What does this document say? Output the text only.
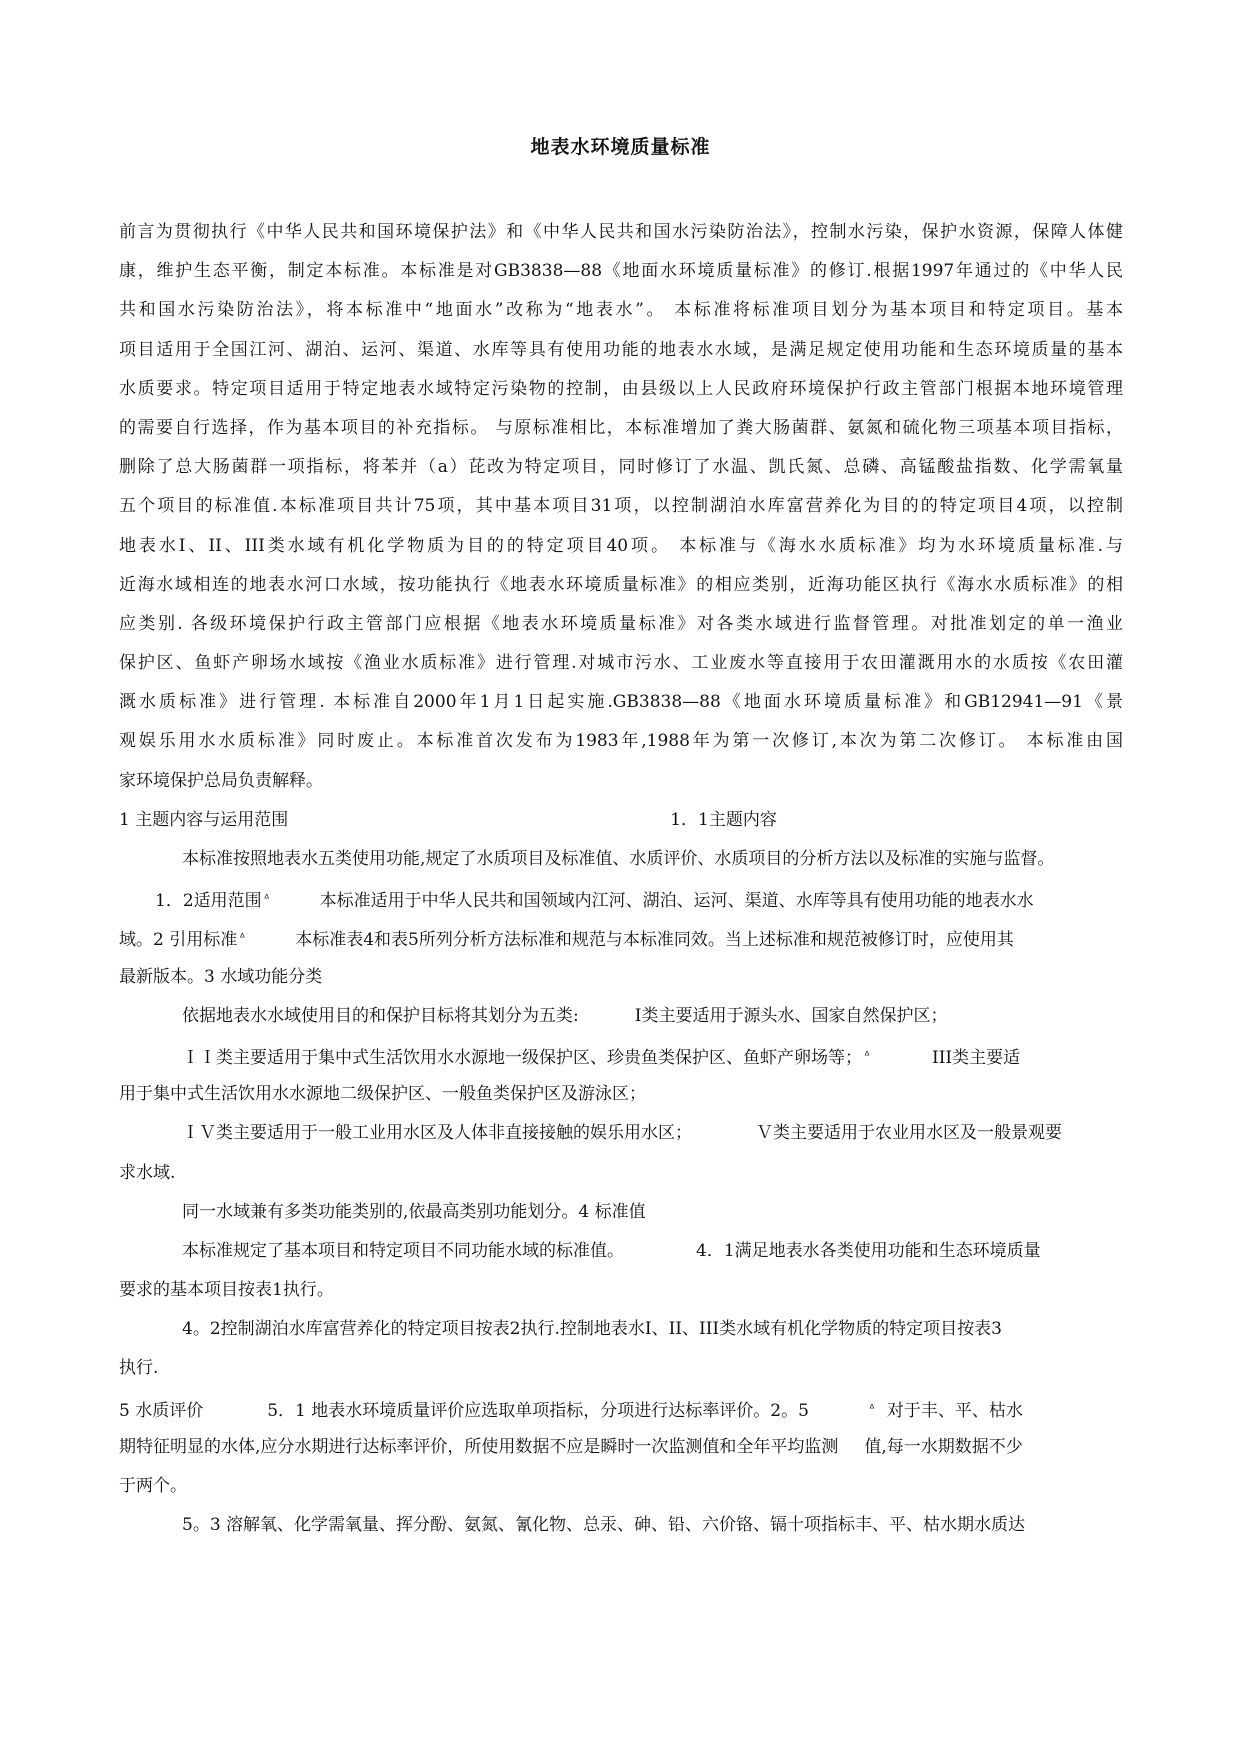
地表水环境质量标准
前言为贯彻执行《中华人民共和国环境保护法》和《中华人民共和国水污染防治法》，控制水污染，保护水资源，保障人体健
康，维护生态平衡，制定本标准。本标准是对GB3838—88《地面水环境质量标准》的修订.根据1997年通过的《中华人民
共和国水污染防治法》，将本标准中“地面水”改称为“地表水”。 本标准将标准项目划分为基本项目和特定项目。基本
项目适用于全国江河、湖泊、运河、渠道、水库等具有使用功能的地表水水域，是满足规定使用功能和生态环境质量的基本
水质要求。特定项目适用于特定地表水域特定污染物的控制，由县级以上人民政府环境保护行政主管部门根据本地环境管理
的需要自行选择，作为基本项目的补充指标。 与原标准相比，本标准增加了粪大肠菌群、氨氮和硫化物三项基本项目指标，
删除了总大肠菌群一项指标，将苯并（a）芘改为特定项目，同时修订了水温、凯氏氮、总磷、高锰酸盐指数、化学需氧量
五个项目的标准值.本标准项目共计75项，其中基本项目31项，以控制湖泊水库富营养化为目的的特定项目4项，以控制
地表水Ⅰ、II、III类水域有机化学物质为目的的特定项目40项。 本标准与《海水水质标准》均为水环境质量标准.与
近海水域相连的地表水河口水域，按功能执行《地表水环境质量标准》的相应类别，近海功能区执行《海水水质标准》的相
应类别. 各级环境保护行政主管部门应根据《地表水环境质量标准》对各类水域进行监督管理。对批准划定的单一渔业
保护区、鱼虾产卵场水域按《渔业水质标准》进行管理.对城市污水、工业废水等直接用于农田灌溉用水的水质按《农田灌
溉水质标准》进行管理. 本标准自2000年1月1日起实施.GB3838—88《地面水环境质量标准》和GB12941—91《景
观娱乐用水水质标准》同时废止。本标准首次发布为1983年,1988年为第一次修订,本次为第二次修订。 本标准由国
家环境保护总局负责解释。
1 主题内容与运用范围	1．1主题内容
本标准按照地表水五类使用功能,规定了水质项目及标准值、水质评价、水质项目的分析方法以及标准的实施与监督。
1．2适用范围 ᐞ	本标准适用于中华人民共和国领域内江河、湖泊、运河、渠道、水库等具有使用功能的地表水水
域。2 引用标准 ᐞ	本标准表4和表5所列分析方法标准和规范与本标准同效。当上述标准和规范被修订时，应使用其
最新版本。3 水域功能分类
依据地表水水域使用目的和保护目标将其划分为五类:	Ⅰ类主要适用于源头水、国家自然保护区；
ＩＩ类主要适用于集中式生活饮用水水源地一级保护区、珍贵鱼类保护区、鱼虾产卵场等； ᐞ	III类主要适
用于集中式生活饮用水水源地二级保护区、一般鱼类保护区及游泳区；
ＩＶ类主要适用于一般工业用水区及人体非直接接触的娱乐用水区；	Ｖ类主要适用于农业用水区及一般景观要
求水域.
同一水域兼有多类功能类别的,依最高类别功能划分。4 标准值
本标准规定了基本项目和特定项目不同功能水域的标准值。	4．1满足地表水各类使用功能和生态环境质量
要求的基本项目按表1执行。
4。2控制湖泊水库富营养化的特定项目按表2执行.控制地表水Ⅰ、II、III类水域有机化学物质的特定项目按表3
执行.
5 水质评价	5．1 地表水环境质量评价应选取单项指标，分项进行达标率评价。2。5	ᐞ 对于丰、平、枯水
期特征明显的水体,应分水期进行达标率评价，所使用数据不应是瞬时一次监测值和全年平均监测 值,每一水期数据不少
于两个。
5。3 溶解氧、化学需氧量、挥分酚、氨氮、氰化物、总汞、砷、铅、六价铬、镉十项指标丰、平、枯水期水质达
